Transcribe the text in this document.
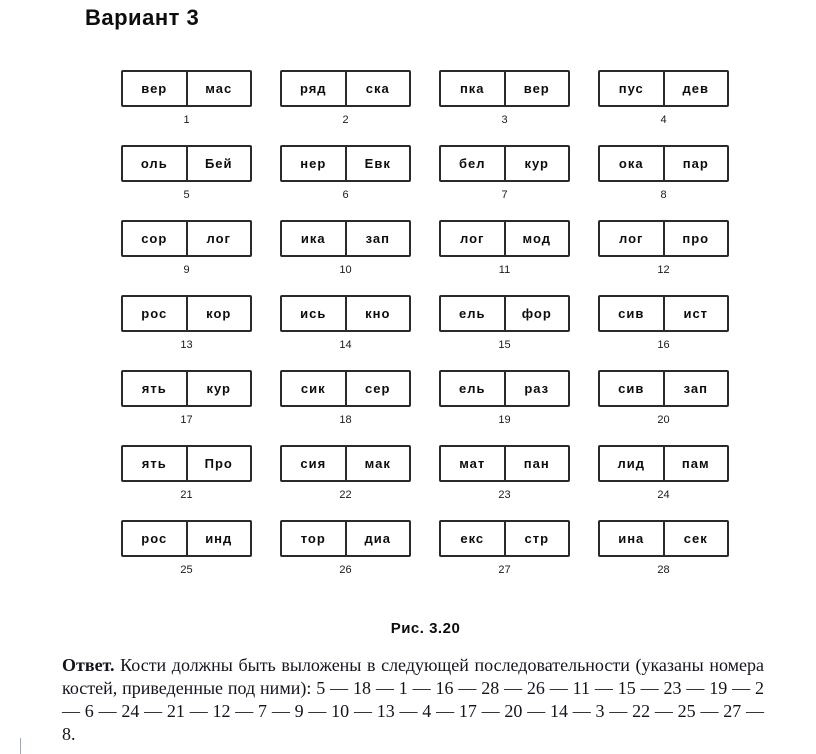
Вариант 3
вер	мас
1
ряд	ска
2
пка	вер
3
пус	дев
4
оль	Бей
5
нер	Евк
6
бел	кур
7
ока	пар
8
сор	лог
9
ика	зап
10
лог	мод
11
лог	про
12
рос	кор
13
ись	кно
14
ель	фор
15
сив	ист
16
ять	кур
17
сик	сер
18
ель	раз
19
сив	зап
20
ять	Про
21
сия	мак
22
мат	пан
23
лид	пам
24
рос	инд
25
тор	диа
26
екс	стр
27
ина	сек
28
Рис. 3.20

Ответ. Кости должны быть выложены в следующей последовательности (указаны номера костей, приведенные под ними): 5 — 18 — 1 — 16 — 28 — 26 — 11 — 15 — 23 — 19 — 2 — 6 — 24 — 21 — 12 — 7 — 9 — 10 — 13 — 4 — 17 — 20 — 14 — 3 — 22 — 25 — 27 — 8.
